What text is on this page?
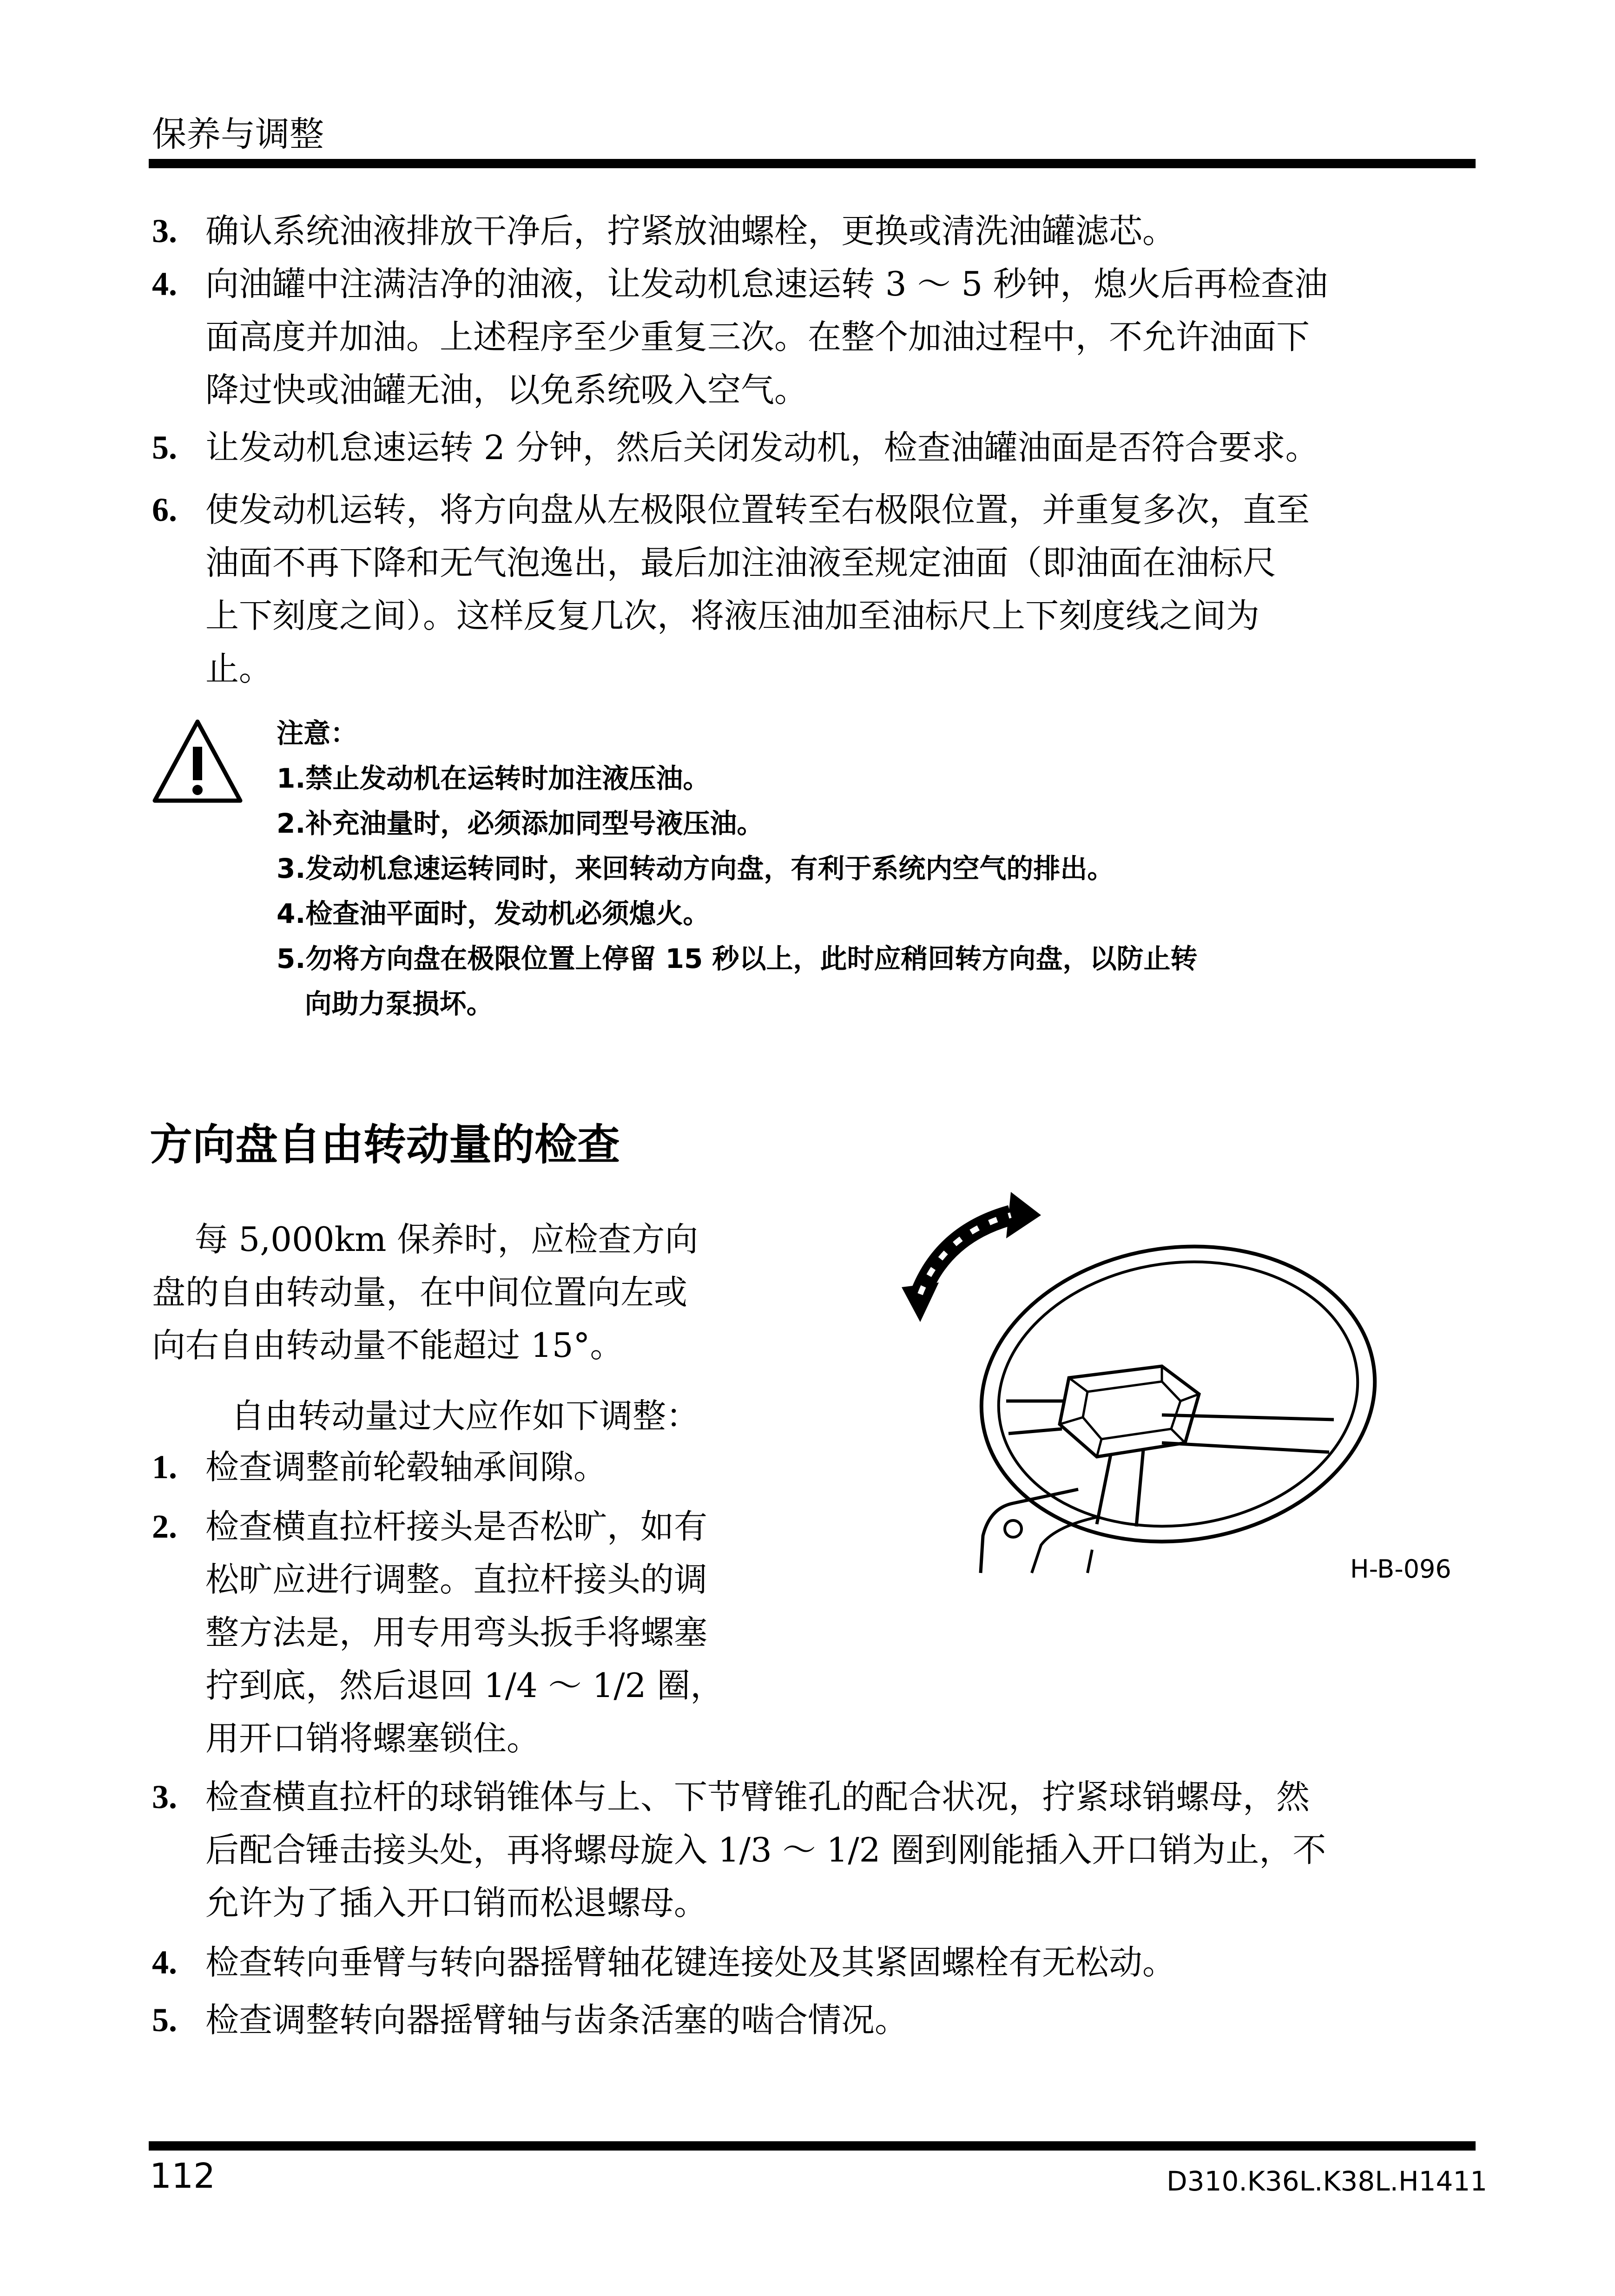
保养与调整
3. 确认系统油液排放干净后，拧紧放油螺栓，更换或清洗油罐滤芯。
4. 向油罐中注满洁净的油液，让发动机怠速运转 3 ～ 5 秒钟，熄火后再检查油
面高度并加油。上述程序至少重复三次。在整个加油过程中，不允许油面下
降过快或油罐无油，以免系统吸入空气。
5. 让发动机怠速运转 2 分钟，然后关闭发动机，检查油罐油面是否符合要求。
6. 使发动机运转，将方向盘从左极限位置转至右极限位置，并重复多次，直至
油面不再下降和无气泡逸出，最后加注油液至规定油面（即油面在油标尺
上下刻度之间）。这样反复几次，将液压油加至油标尺上下刻度线之间为
止。
注意：
1.禁止发动机在运转时加注液压油。
2.补充油量时，必须添加同型号液压油。
3.发动机怠速运转同时，来回转动方向盘，有利于系统内空气的排出。
4.检查油平面时，发动机必须熄火。
5.勿将方向盘在极限位置上停留 15 秒以上，此时应稍回转方向盘，以防止转
向助力泵损坏。
方向盘自由转动量的检查
每 5,000km 保养时，应检查方向
盘的自由转动量，在中间位置向左或
向右自由转动量不能超过 15°。
自由转动量过大应作如下调整：
1. 检查调整前轮毂轴承间隙。
2. 检查横直拉杆接头是否松旷，如有
松旷应进行调整。直拉杆接头的调
整方法是，用专用弯头扳手将螺塞
拧到底，然后退回 1/4 ～ 1/2 圈，
用开口销将螺塞锁住。
H-B-096
3. 检查横直拉杆的球销锥体与上、下节臂锥孔的配合状况，拧紧球销螺母，然
后配合锤击接头处，再将螺母旋入 1/3 ～ 1/2 圈到刚能插入开口销为止，不
允许为了插入开口销而松退螺母。
4. 检查转向垂臂与转向器摇臂轴花键连接处及其紧固螺栓有无松动。
5. 检查调整转向器摇臂轴与齿条活塞的啮合情况。
112	D310.K36L.K38L.H1411
